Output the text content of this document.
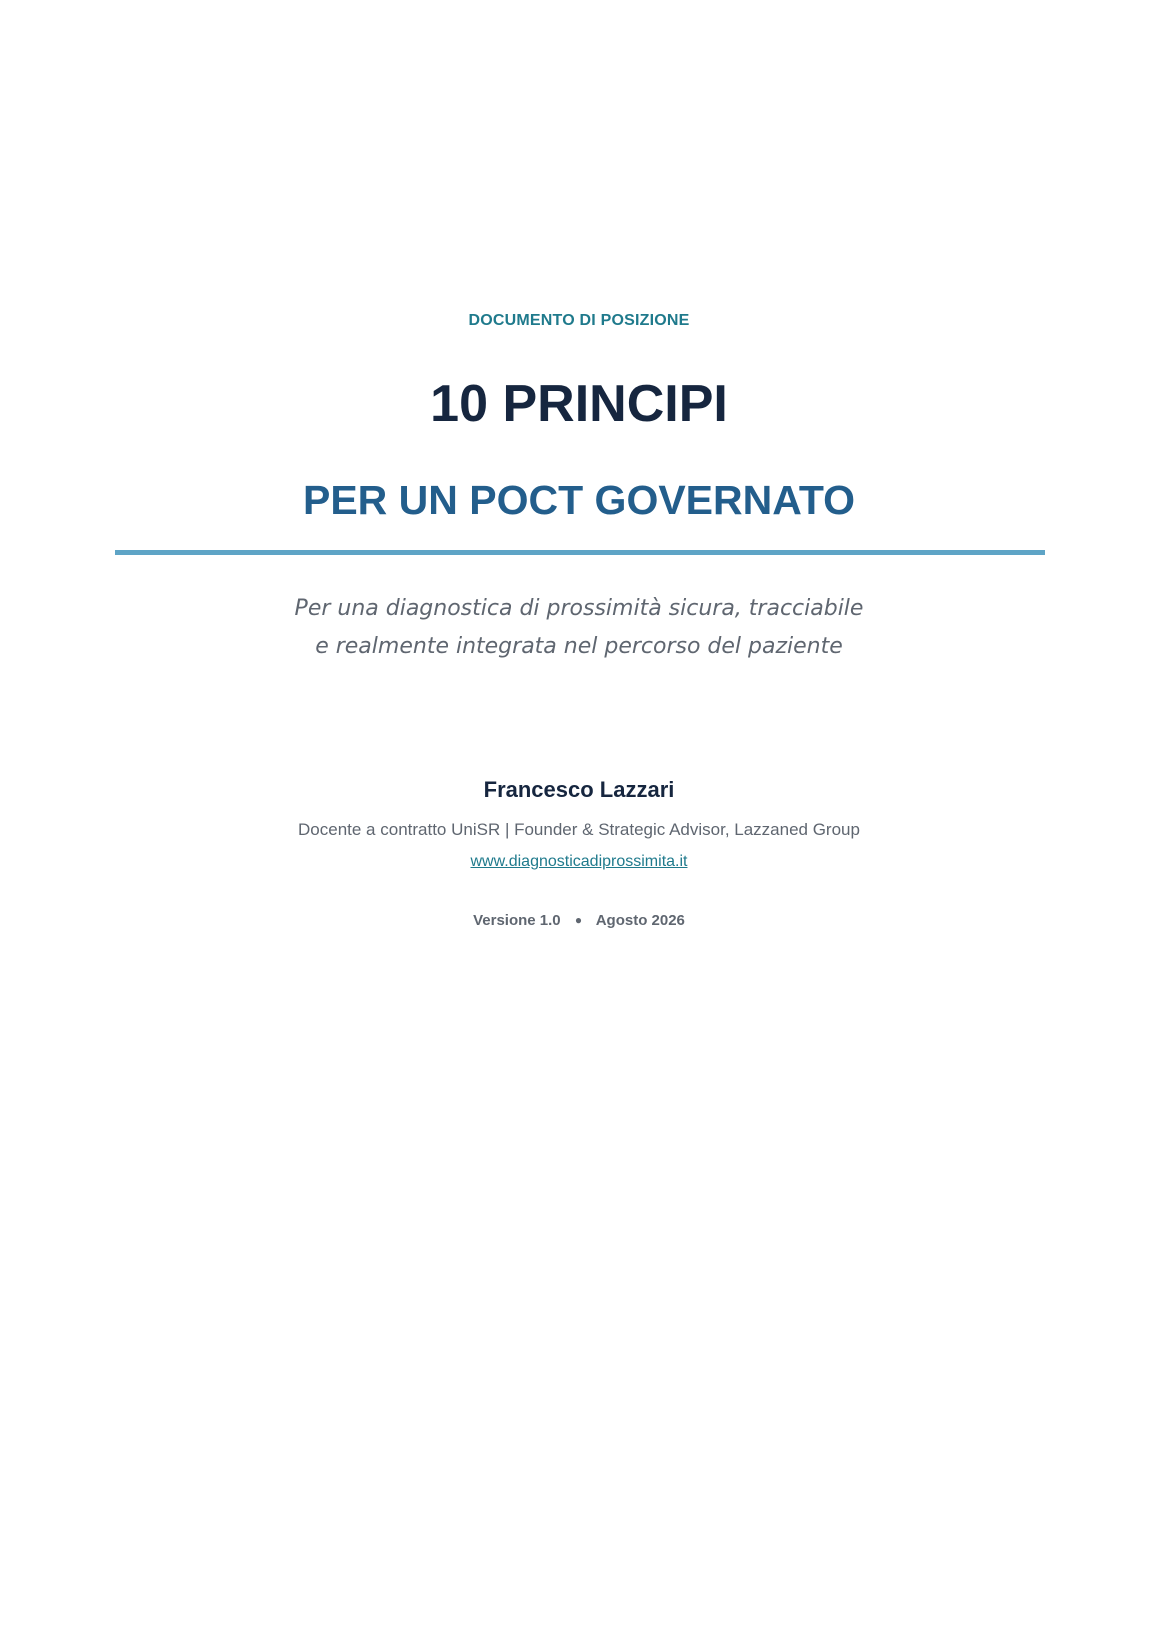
DOCUMENTO DI POSIZIONE
10 PRINCIPI
PER UN POCT GOVERNATO
Per una diagnostica di prossimità sicura, tracciabile
e realmente integrata nel percorso del paziente
Francesco Lazzari
Docente a contratto UniSR | Founder & Strategic Advisor, Lazzaned Group
www.diagnosticadiprossimita.it
Versione 1.0 ● Agosto 2026
